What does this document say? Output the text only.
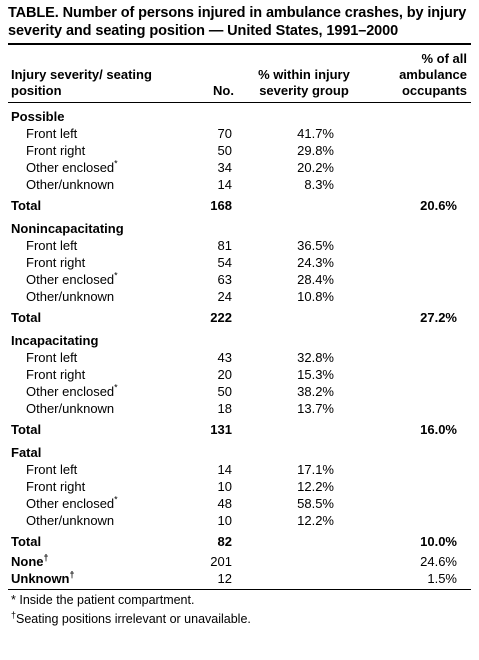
TABLE. Number of persons injured in ambulance crashes, by injury severity and seating position — United States, 1991–2000

Injury severity/ seating position	No.	% within injury severity group	% of all ambulance occupants
Possible			
Front left	70	41.7%	
Front right	50	29.8%	
Other enclosed*	34	20.2%	
Other/unknown	14	8.3%	
Total	168		20.6%
Nonincapacitating			
Front left	81	36.5%	
Front right	54	24.3%	
Other enclosed*	63	28.4%	
Other/unknown	24	10.8%	
Total	222		27.2%
Incapacitating			
Front left	43	32.8%	
Front right	20	15.3%	
Other enclosed*	50	38.2%	
Other/unknown	18	13.7%	
Total	131		16.0%
Fatal			
Front left	14	17.1%	
Front right	10	12.2%	
Other enclosed*	48	58.5%	
Other/unknown	10	12.2%	
Total	82		10.0%
None†	201		24.6%
Unknown†	12		1.5%

* Inside the patient compartment.

†Seating positions irrelevant or unavailable.
